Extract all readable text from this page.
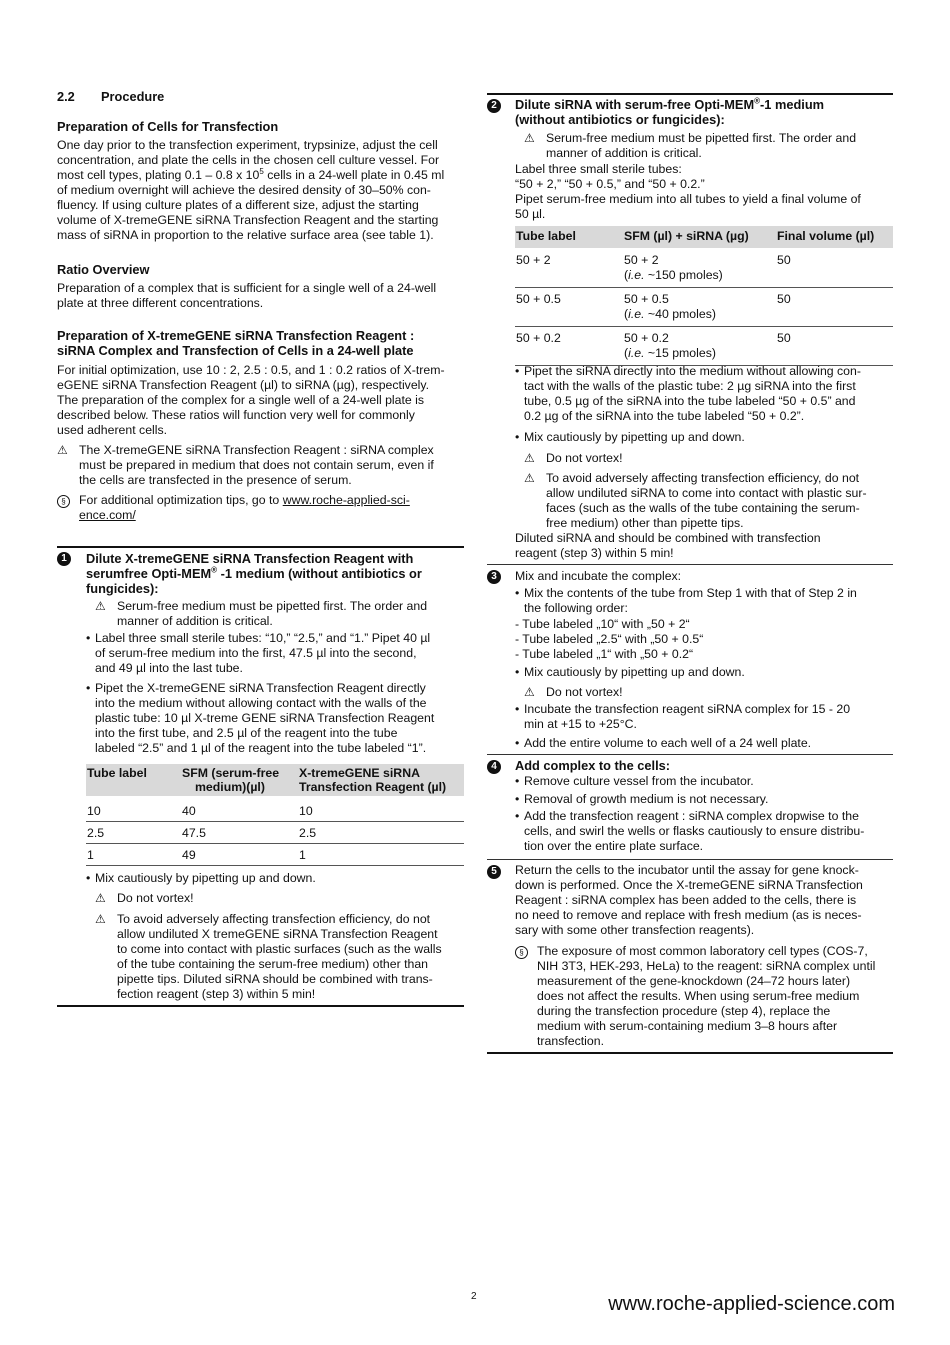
2.2 Procedure
Preparation of Cells for Transfection

One day prior to the transfection experiment, trypsinize, adjust the cell

concentration, and plate the cells in the chosen cell culture vessel. For

most cell types, plating 0.1 – 0.8 x $10^5$ cells in a 24-well plate in 0.45 ml

of medium overnight will achieve the desired density of 30–50% con-

fluency. If using culture plates of a different size, adjust the starting

volume of X-tremeGENE siRNA Transfection Reagent and the starting

mass of siRNA in proportion to the relative surface area (see table 1).

Ratio Overview

Preparation of a complex that is sufficient for a single well of a 24-well

plate at three different concentrations.

Preparation of X-tremeGENE siRNA Transfection Reagent :

siRNA Complex and Transfection of Cells in a 24-well plate

For initial optimization, use 10 : 2, 2.5 : 0.5, and 1 : 0.2 ratios of X-trem-

eGENE siRNA Transfection Reagent (µl) to siRNA (µg), respectively.

The preparation of the complex for a single well of a 24-well plate is

described below. These ratios will function very well for commonly

used adherent cells.

⚠ The X-tremeGENE siRNA Transfection Reagent : siRNA complex

must be prepared in medium that does not contain serum, even if

the cells are transfected in the presence of serum.

§	For additional optimization tips, go to www.roche-applied-sci-

ence.com/

1	Dilute X-tremeGENE siRNA Transfection Reagent with

serumfree Opti-MEM® -1 medium (without antibiotics or

fungicides):

⚠ Serum-free medium must be pipetted first. The order and

manner of addition is critical.

• Label three small sterile tubes: “10,” “2.5,” and “1.” Pipet 40 µl

of serum-free medium into the first, 47.5 µl into the second,

and 49 µl into the last tube.

• Pipet the X-tremeGENE siRNA Transfection Reagent directly

into the medium without allowing contact with the walls of the

plastic tube: 10 µl X-treme GENE siRNA Transfection Reagent

into the first tube, and 2.5 µl of the reagent into the tube

labeled “2.5” and 1 µl of the reagent into the tube labeled “1”.

Tube label	SFM (serum-free
medium)(µl)	X-tremeGENE siRNA
Transfection Reagent (µl)
10	40	10
2.5	47.5	2.5
1	49	1
• Mix cautiously by pipetting up and down.

⚠ Do not vortex!

⚠ To avoid adversely affecting transfection efficiency, do not

allow undiluted X tremeGENE siRNA Transfection Reagent

to come into contact with plastic surfaces (such as the walls

of the tube containing the serum-free medium) other than

pipette tips. Diluted siRNA should be combined with trans-

fection reagent (step 3) within 5 min!

2	Dilute siRNA with serum-free Opti-MEM®-1 medium

(without antibiotics or fungicides):

⚠ Serum-free medium must be pipetted first. The order and

manner of addition is critical.

Label three small sterile tubes:

“50 + 2,” “50 + 0.5,” and “50 + 0.2.”

Pipet serum-free medium into all tubes to yield a final volume of

50 µl.

Tube label	SFM (µl) + siRNA (µg)	Final volume (µl)
50 + 2	50 + 2
(i.e. ~150 pmoles)	50
50 + 0.5	50 + 0.5
(i.e. ~40 pmoles)	50
50 + 0.2	50 + 0.2
(i.e. ~15 pmoles)	50
• Pipet the siRNA directly into the medium without allowing con-

tact with the walls of the plastic tube: 2 µg siRNA into the first

tube, 0.5 µg of the siRNA into the tube labeled “50 + 0.5” and

0.2 µg of the siRNA into the tube labeled “50 + 0.2”.

• Mix cautiously by pipetting up and down.

⚠ Do not vortex!

⚠ To avoid adversely affecting transfection efficiency, do not

allow undiluted siRNA to come into contact with plastic sur-

faces (such as the walls of the tube containing the serum-

free medium) other than pipette tips.

Diluted siRNA and should be combined with transfection

reagent (step 3) within 5 min!

3	Mix and incubate the complex:

• Mix the contents of the tube from Step 1 with that of Step 2 in

the following order:

- Tube labeled „10“ with „50 + 2“

- Tube labeled „2.5“ with „50 + 0.5“

- Tube labeled „1“ with „50 + 0.2“

• Mix cautiously by pipetting up and down.

⚠ Do not vortex!

• Incubate the transfection reagent siRNA complex for 15 - 20

min at +15 to +25°C.

• Add the entire volume to each well of a 24 well plate.

4	Add complex to the cells:

• Remove culture vessel from the incubator.

• Removal of growth medium is not necessary.

• Add the transfection reagent : siRNA complex dropwise to the

cells, and swirl the wells or flasks cautiously to ensure distribu-

tion over the entire plate surface.

5	Return the cells to the incubator until the assay for gene knock-

down is performed. Once the X-tremeGENE siRNA Transfection

Reagent : siRNA complex has been added to the cells, there is

no need to remove and replace with fresh medium (as is neces-

sary with some other transfection reagents).

§	The exposure of most common laboratory cell types (COS-7,

NIH 3T3, HEK-293, HeLa) to the reagent: siRNA complex until

measurement of the gene-knockdown (24–72 hours later)

does not affect the results. When using serum-free medium

during the transfection procedure (step 4), replace the

medium with serum-containing medium 3–8 hours after

transfection.

2	www.roche-applied-science.com
